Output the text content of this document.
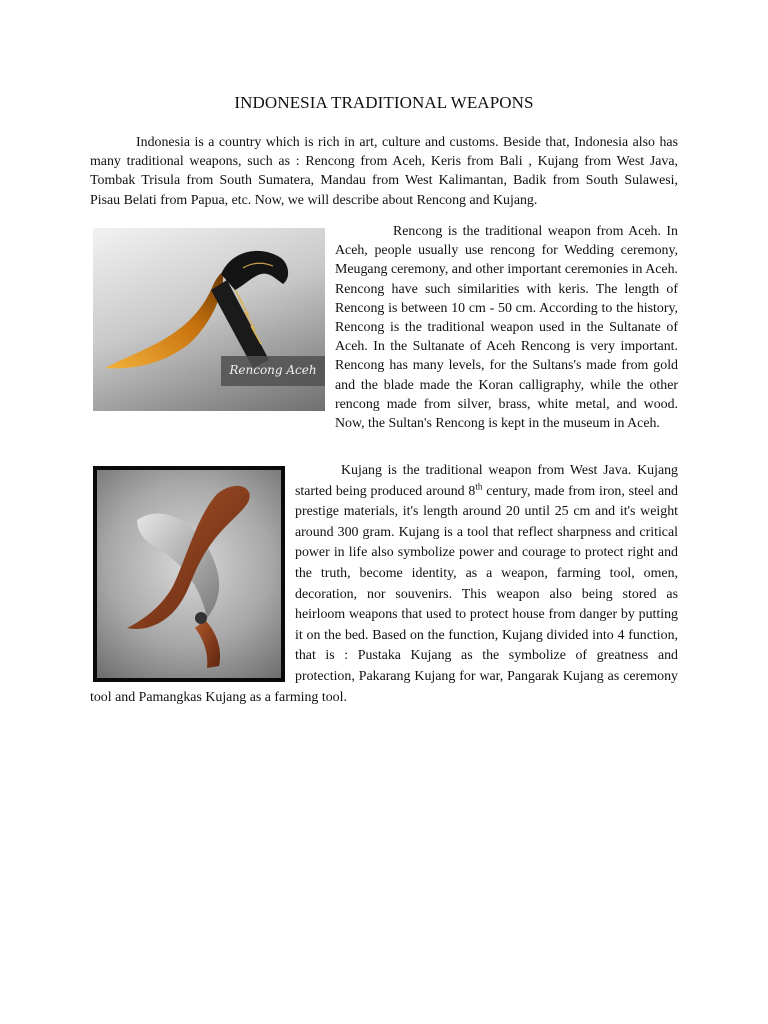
INDONESIA TRADITIONAL WEAPONS
Indonesia is a country which is rich in art, culture and customs. Beside that, Indonesia also has many traditional weapons, such as : Rencong from Aceh, Keris from Bali , Kujang from West Java, Tombak Trisula from South Sumatera, Mandau from West Kalimantan, Badik from South Sulawesi, Pisau Belati from Papua, etc. Now, we will describe about Rencong and Kujang.
Rencong Aceh
Rencong is the traditional weapon from Aceh. In Aceh, people usually use rencong for Wedding ceremony, Meugang ceremony, and other important ceremonies in Aceh. Rencong have such similarities with keris. The length of Rencong is between 10 cm - 50 cm. According to the history, Rencong is the traditional weapon used in the Sultanate of Aceh. In the Sultanate of Aceh Rencong is very important. Rencong has many levels, for the Sultans's made from gold and the blade made the Koran calligraphy, while the other rencong made from silver, brass, white metal, and wood. Now, the Sultan's Rencong is kept in the museum in Aceh.
Kujang is the traditional weapon from West Java. Kujang started being produced around 8th century, made from iron, steel and prestige materials, it's length around 20 until 25 cm and it's weight around 300 gram. Kujang is a tool that reflect sharpness and critical power in life also symbolize power and courage to protect right and the truth, become identity, as a weapon, farming tool, omen, decoration, nor souvenirs. This weapon also being stored as heirloom weapons that used to protect house from danger by putting it on the bed. Based on the function, Kujang divided into 4 function, that is : Pustaka Kujang as the symbolize of greatness and protection, Pakarang Kujang for war, Pangarak Kujang as ceremony tool and Pamangkas Kujang as a farming tool.
